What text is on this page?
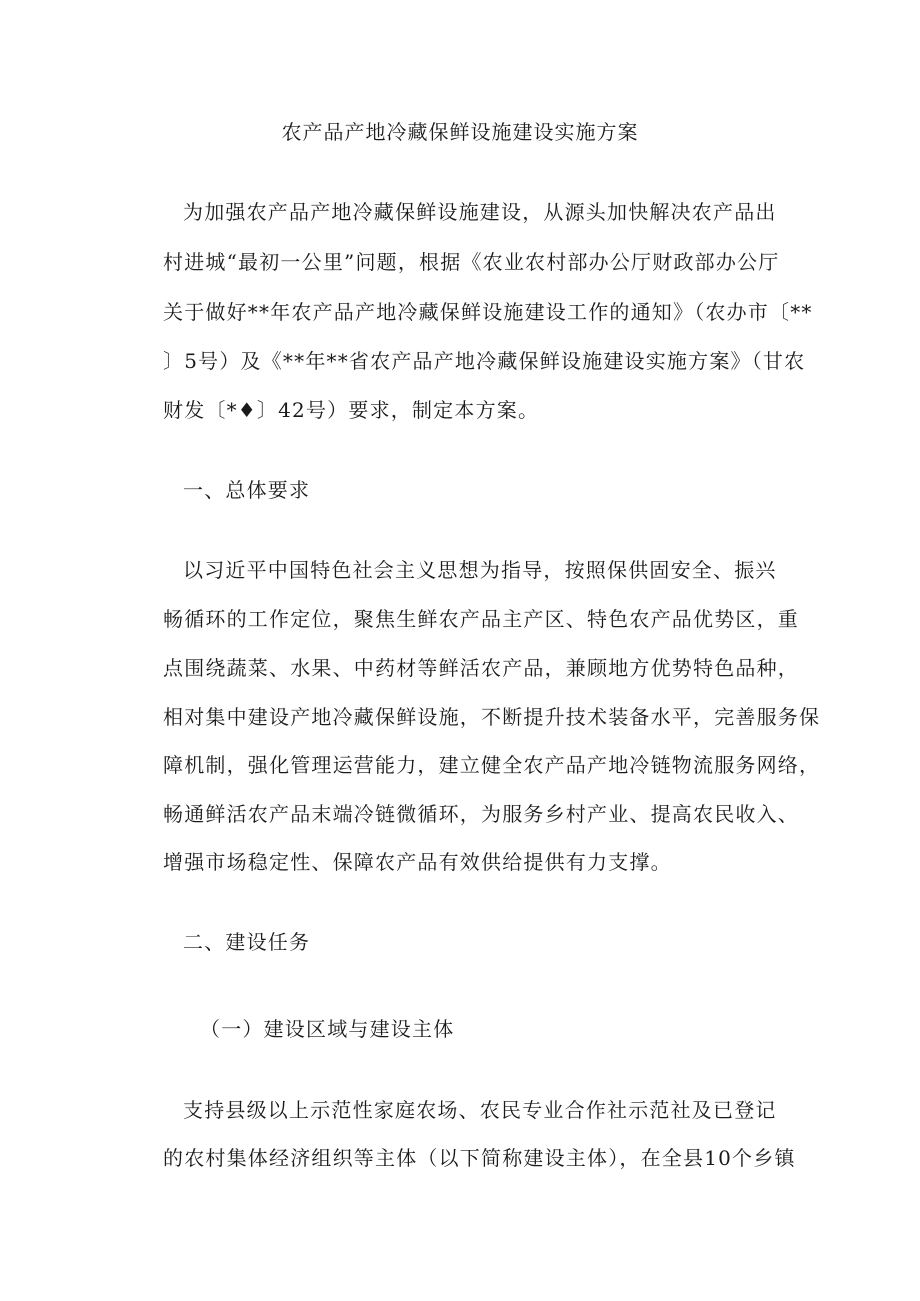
农产品产地冷藏保鲜设施建设实施方案
为加强农产品产地冷藏保鲜设施建设，从源头加快解决农产品出
村进城“最初一公里”问题，根据《农业农村部办公厅财政部办公厅
关于做好**年农产品产地冷藏保鲜设施建设工作的通知》（农办市〔**
〕5号）及《**年**省农产品产地冷藏保鲜设施建设实施方案》（甘农
财发〔*♦〕42号）要求，制定本方案。
一、总体要求
以习近平中国特色社会主义思想为指导，按照保供固安全、振兴
畅循环的工作定位，聚焦生鲜农产品主产区、特色农产品优势区，重
点围绕蔬菜、水果、中药材等鲜活农产品，兼顾地方优势特色品种，
相对集中建设产地冷藏保鲜设施，不断提升技术装备水平，完善服务保
障机制，强化管理运营能力，建立健全农产品产地冷链物流服务网络，
畅通鲜活农产品末端冷链微循环，为服务乡村产业、提高农民收入、
增强市场稳定性、保障农产品有效供给提供有力支撑。
二、建设任务
（一）建设区域与建设主体
支持县级以上示范性家庭农场、农民专业合作社示范社及已登记
的农村集体经济组织等主体（以下简称建设主体），在全县10个乡镇
